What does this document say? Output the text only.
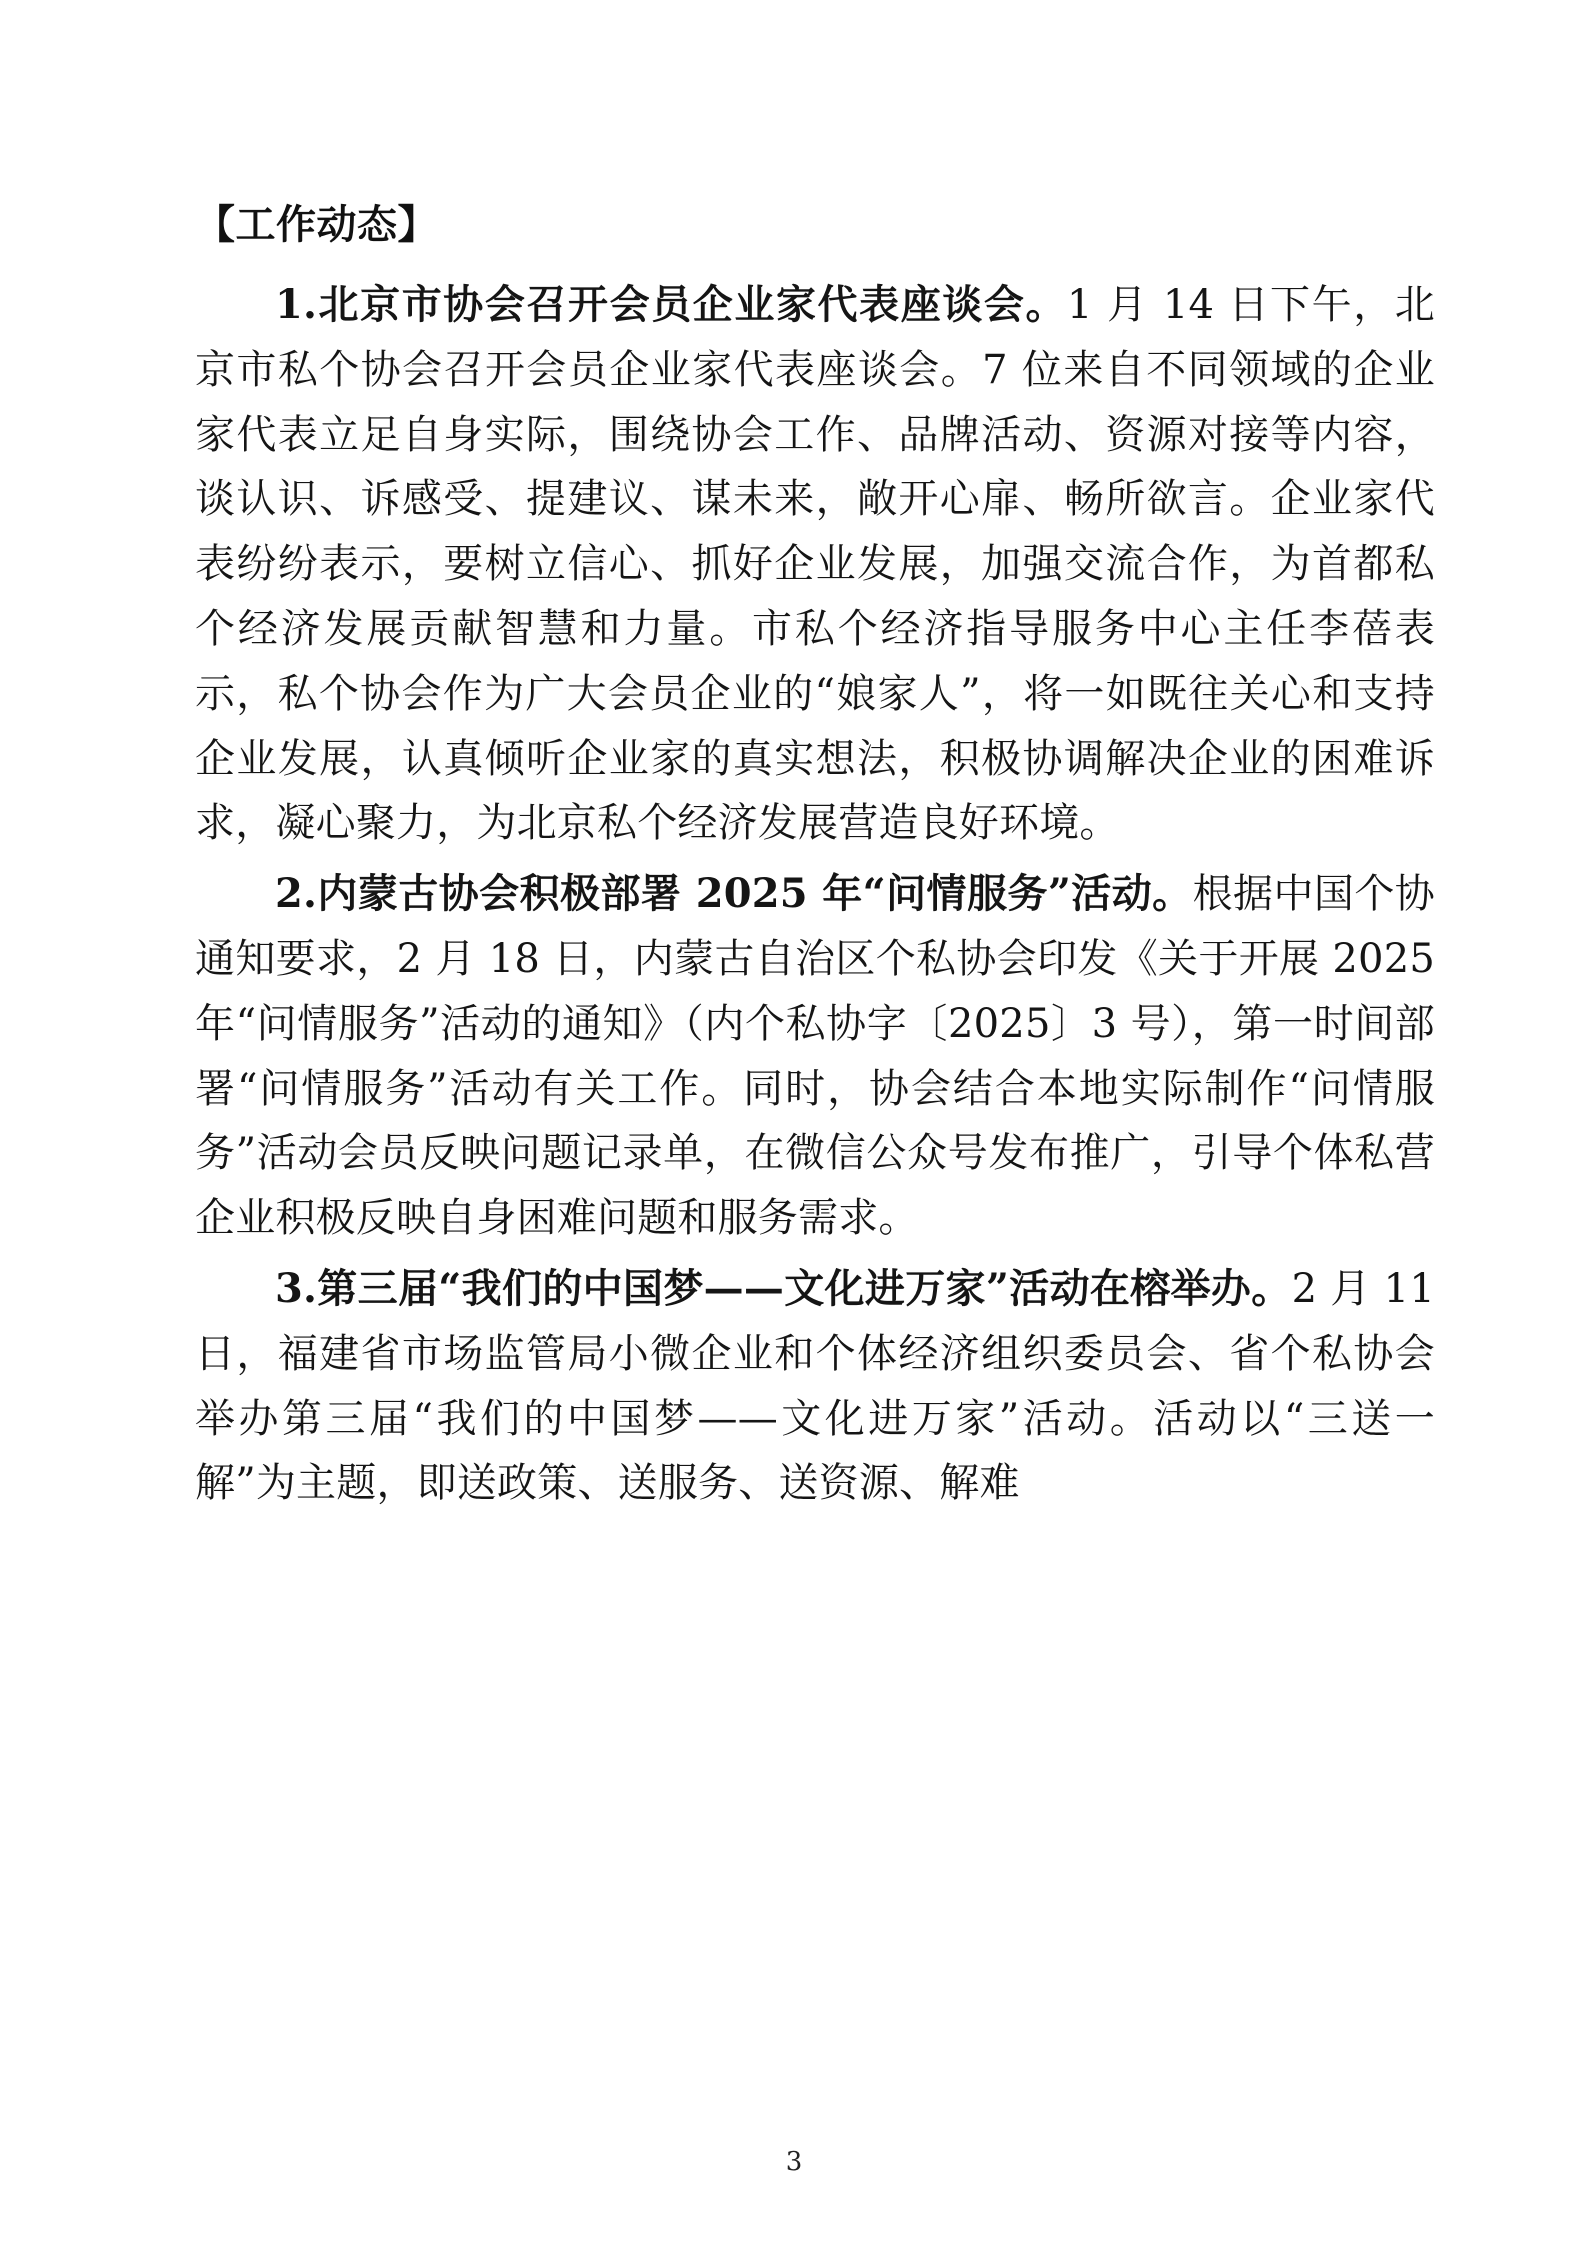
【工作动态】

1.北京市协会召开会员企业家代表座谈会。1 月 14 日下午，北京市私个协会召开会员企业家代表座谈会。7 位来自不同领域的企业家代表立足自身实际，围绕协会工作、品牌活动、资源对接等内容，谈认识、诉感受、提建议、谋未来，敞开心扉、畅所欲言。企业家代表纷纷表示，要树立信心、抓好企业发展，加强交流合作，为首都私个经济发展贡献智慧和力量。市私个经济指导服务中心主任李蓓表示，私个协会作为广大会员企业的“娘家人”，将一如既往关心和支持企业发展，认真倾听企业家的真实想法，积极协调解决企业的困难诉求，凝心聚力，为北京私个经济发展营造良好环境。

2.内蒙古协会积极部署 2025 年“问情服务”活动。根据中国个协通知要求，2 月 18 日，内蒙古自治区个私协会印发《关于开展 2025 年“问情服务”活动的通知》（内个私协字〔2025〕3 号），第一时间部署“问情服务”活动有关工作。同时，协会结合本地实际制作“问情服务”活动会员反映问题记录单，在微信公众号发布推广，引导个体私营企业积极反映自身困难问题和服务需求。

3.第三届“我们的中国梦——文化进万家”活动在榕举办。2 月 11 日，福建省市场监管局小微企业和个体经济组织委员会、省个私协会举办第三届“我们的中国梦——文化进万家”活动。活动以“三送一解”为主题，即送政策、送服务、送资源、解难

3
